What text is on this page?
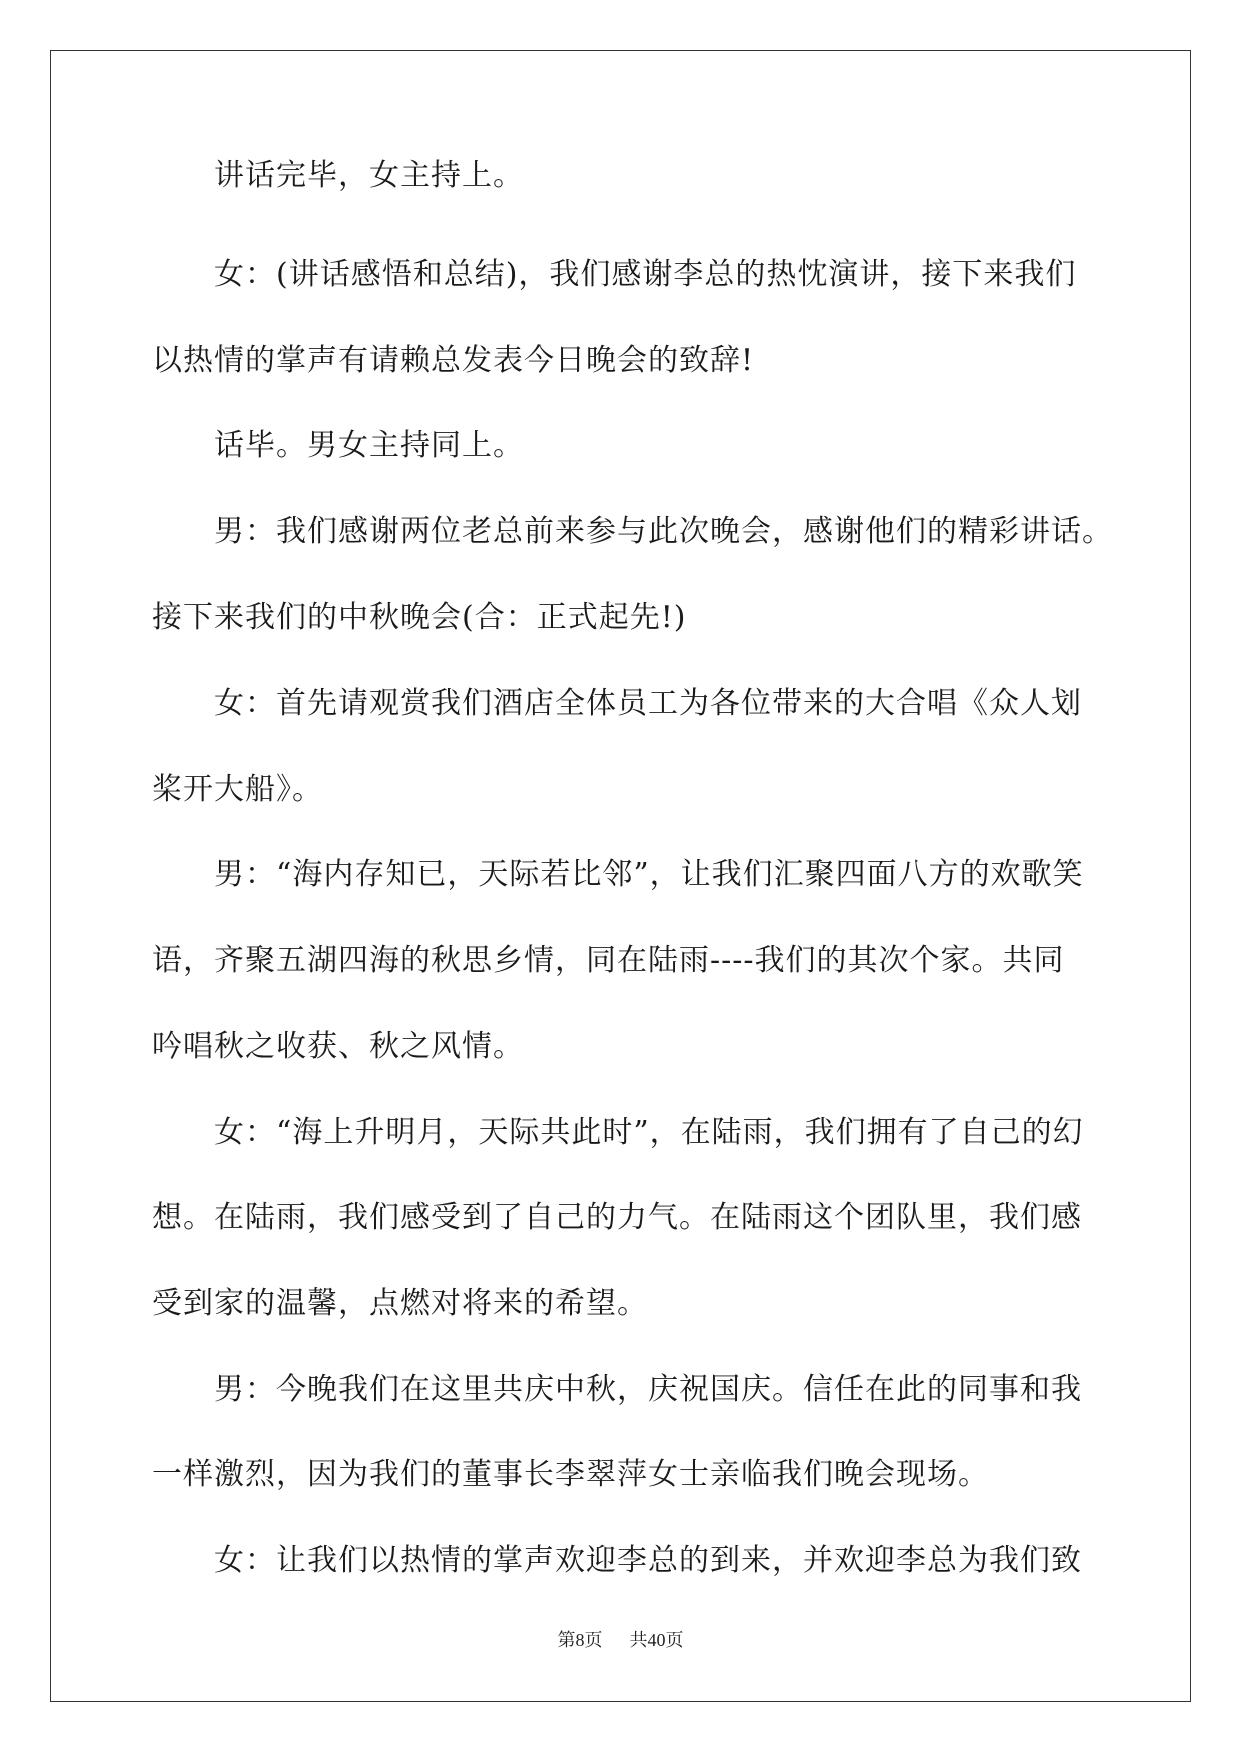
讲话完毕，女主持上。
女：(讲话感悟和总结)，我们感谢李总的热忱演讲，接下来我们
以热情的掌声有请赖总发表今日晚会的致辞!
话毕。男女主持同上。
男：我们感谢两位老总前来参与此次晚会，感谢他们的精彩讲话。
接下来我们的中秋晚会(合：正式起先!)
女：首先请观赏我们酒店全体员工为各位带来的大合唱《众人划
桨开大船》。
男：“海内存知已，天际若比邻”，让我们汇聚四面八方的欢歌笑
语，齐聚五湖四海的秋思乡情，同在陆雨----我们的其次个家。共同
吟唱秋之收获、秋之风情。
女：“海上升明月，天际共此时”，在陆雨，我们拥有了自己的幻
想。在陆雨，我们感受到了自己的力气。在陆雨这个团队里，我们感
受到家的温馨，点燃对将来的希望。
男：今晚我们在这里共庆中秋，庆祝国庆。信任在此的同事和我
一样激烈，因为我们的董事长李翠萍女士亲临我们晚会现场。
女：让我们以热情的掌声欢迎李总的到来，并欢迎李总为我们致
第8页 共40页
